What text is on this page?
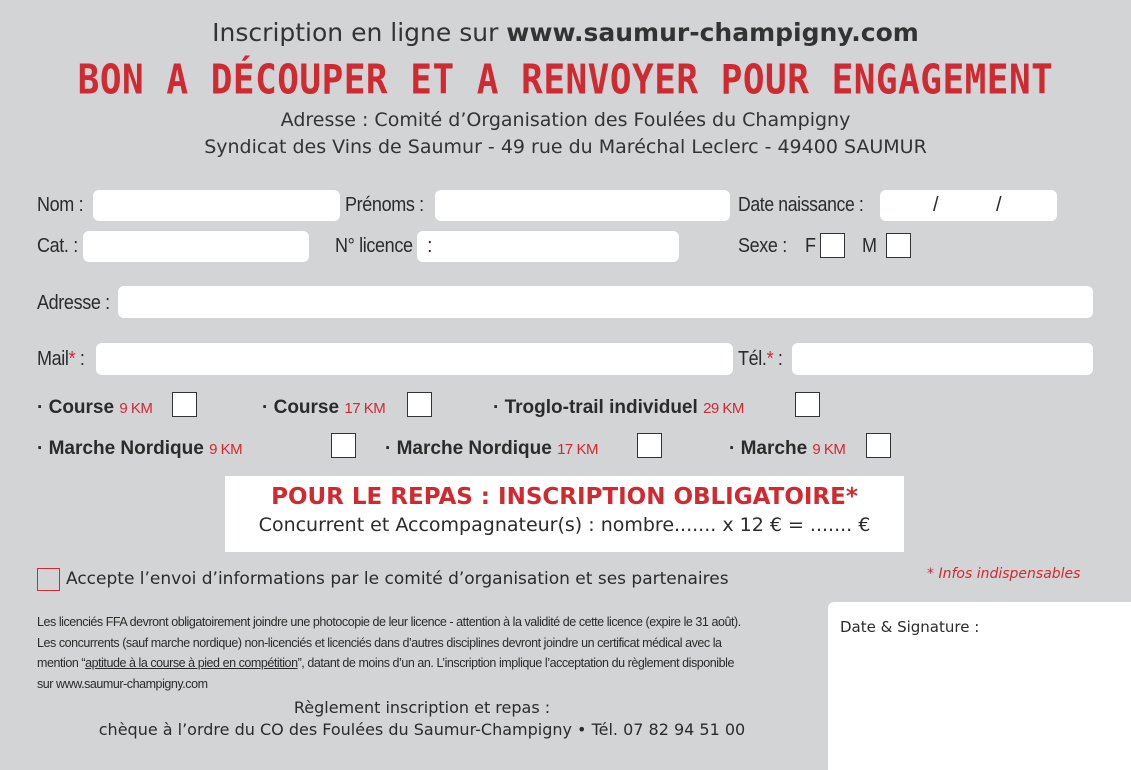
Inscription en ligne sur www.saumur-champigny.com
BON A DÉCOUPER ET A RENVOYER POUR ENGAGEMENT
Adresse : Comité d’Organisation des Foulées du Champigny
Syndicat des Vins de Saumur - 49 rue du Maréchal Leclerc - 49400 SAUMUR
Nom :	Prénoms :	Date naissance :	/	/
Cat. :	N° licence :	Sexe : F M
Adresse :
Mail* :	Tél.* :
· Course 9 KM	· Course 17 KM	· Troglo-trail individuel 29 KM
· Marche Nordique 9 KM	· Marche Nordique 17 KM	· Marche 9 KM
POUR LE REPAS : INSCRIPTION OBLIGATOIRE*
Concurrent et Accompagnateur(s) : nombre....... x 12 € = ....... €
Accepte l’envoi d’informations par le comité d’organisation et ses partenaires	* Infos indispensables
Les licenciés FFA devront obligatoirement joindre une photocopie de leur licence - attention à la validité de cette licence (expire le 31 août).
Les concurrents (sauf marche nordique) non-licenciés et licenciés dans d’autres disciplines devront joindre un certificat médical avec la
mention “aptitude à la course à pied en compétition”, datant de moins d’un an. L’inscription implique l’acceptation du règlement disponible
sur www.saumur-champigny.com
Règlement inscription et repas :
chèque à l’ordre du CO des Foulées du Saumur-Champigny • Tél. 07 82 94 51 00
Date & Signature :
